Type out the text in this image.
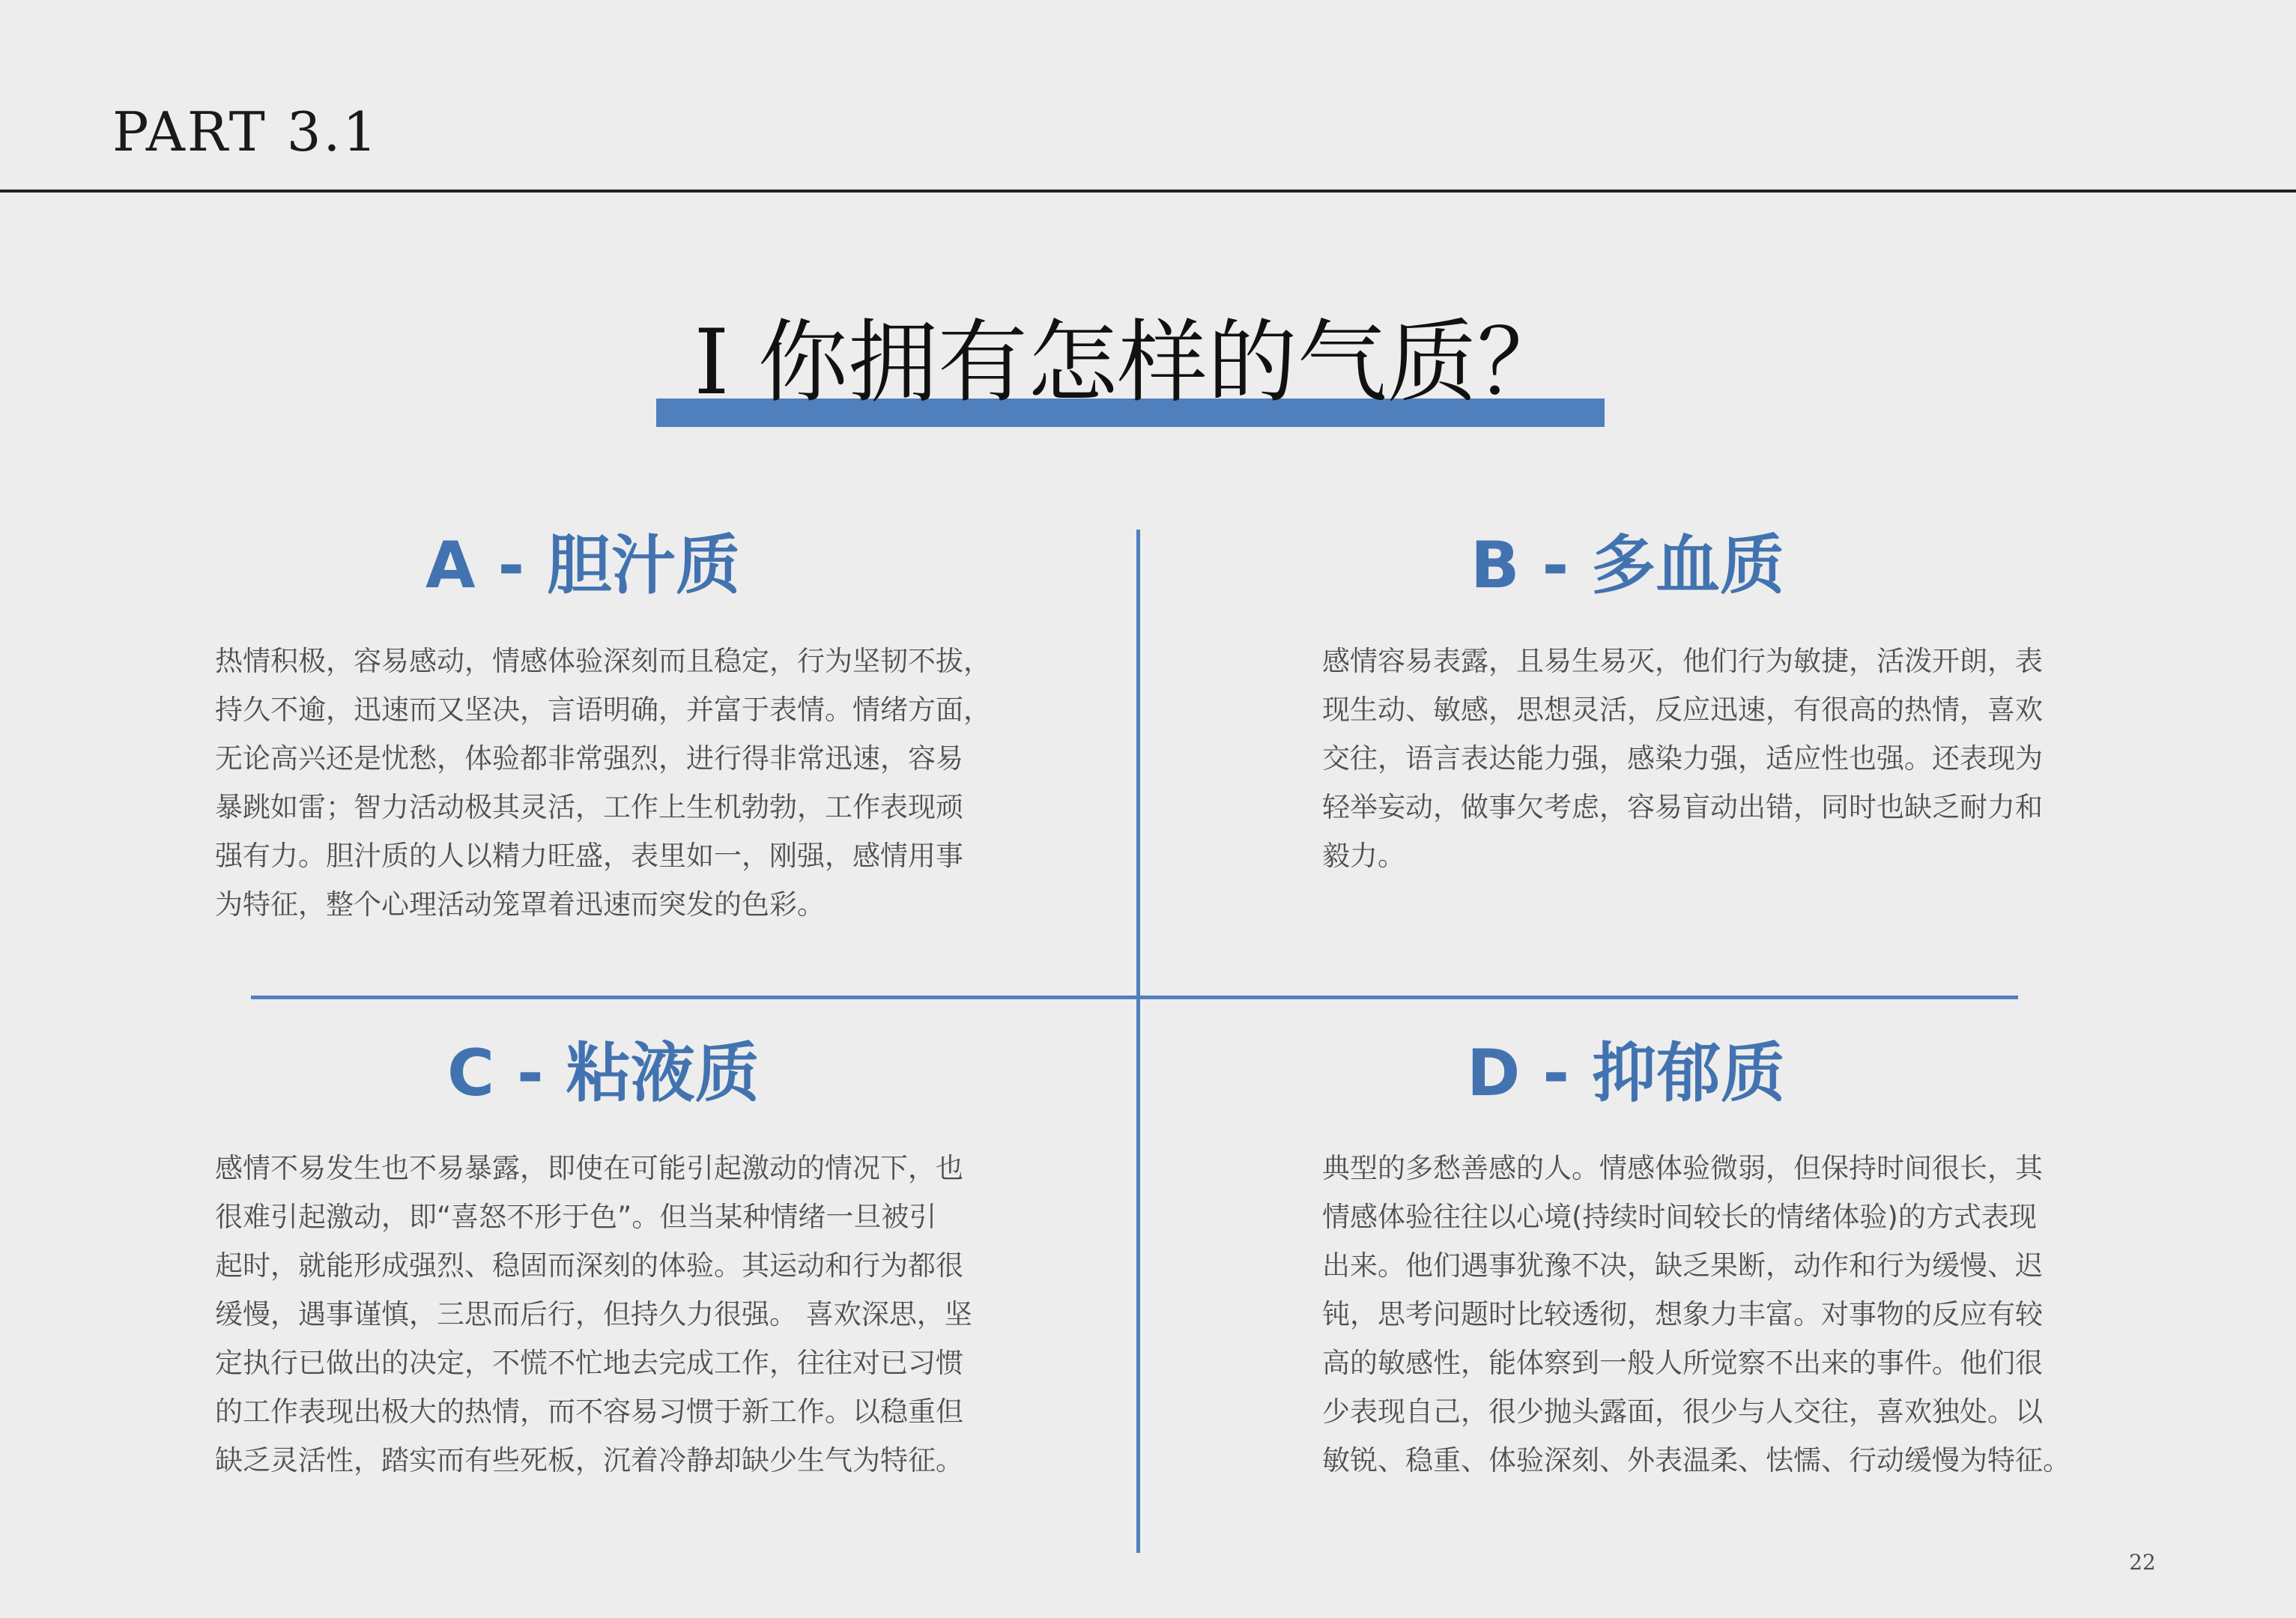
PART 3.1
I 你拥有怎样的气质？
A - 胆汁质
热情积极，容易感动，情感体验深刻而且稳定，行为坚韧不拔，
持久不逾，迅速而又坚决，言语明确，并富于表情。情绪方面，
无论高兴还是忧愁，体验都非常强烈，进行得非常迅速，容易
暴跳如雷；智力活动极其灵活，工作上生机勃勃，工作表现顽
强有力。胆汁质的人以精力旺盛，表里如一，刚强，感情用事
为特征，整个心理活动笼罩着迅速而突发的色彩。
B - 多血质
感情容易表露，且易生易灭，他们行为敏捷，活泼开朗，表
现生动、敏感，思想灵活，反应迅速，有很高的热情，喜欢
交往，语言表达能力强，感染力强，适应性也强。还表现为
轻举妄动，做事欠考虑，容易盲动出错，同时也缺乏耐力和
毅力。
C - 粘液质
感情不易发生也不易暴露，即使在可能引起激动的情况下，也
很难引起激动，即“喜怒不形于色”。但当某种情绪一旦被引
起时，就能形成强烈、稳固而深刻的体验。其运动和行为都很
缓慢，遇事谨慎，三思而后行，但持久力很强。 喜欢深思，坚
定执行已做出的决定，不慌不忙地去完成工作，往往对已习惯
的工作表现出极大的热情，而不容易习惯于新工作。以稳重但
缺乏灵活性，踏实而有些死板，沉着冷静却缺少生气为特征。
D - 抑郁质
典型的多愁善感的人。情感体验微弱，但保持时间很长，其
情感体验往往以心境(持续时间较长的情绪体验)的方式表现
出来。他们遇事犹豫不决，缺乏果断，动作和行为缓慢、迟
钝，思考问题时比较透彻，想象力丰富。对事物的反应有较
高的敏感性，能体察到一般人所觉察不出来的事件。他们很
少表现自己，很少抛头露面，很少与人交往，喜欢独处。以
敏锐、稳重、体验深刻、外表温柔、怯懦、行动缓慢为特征。
22
